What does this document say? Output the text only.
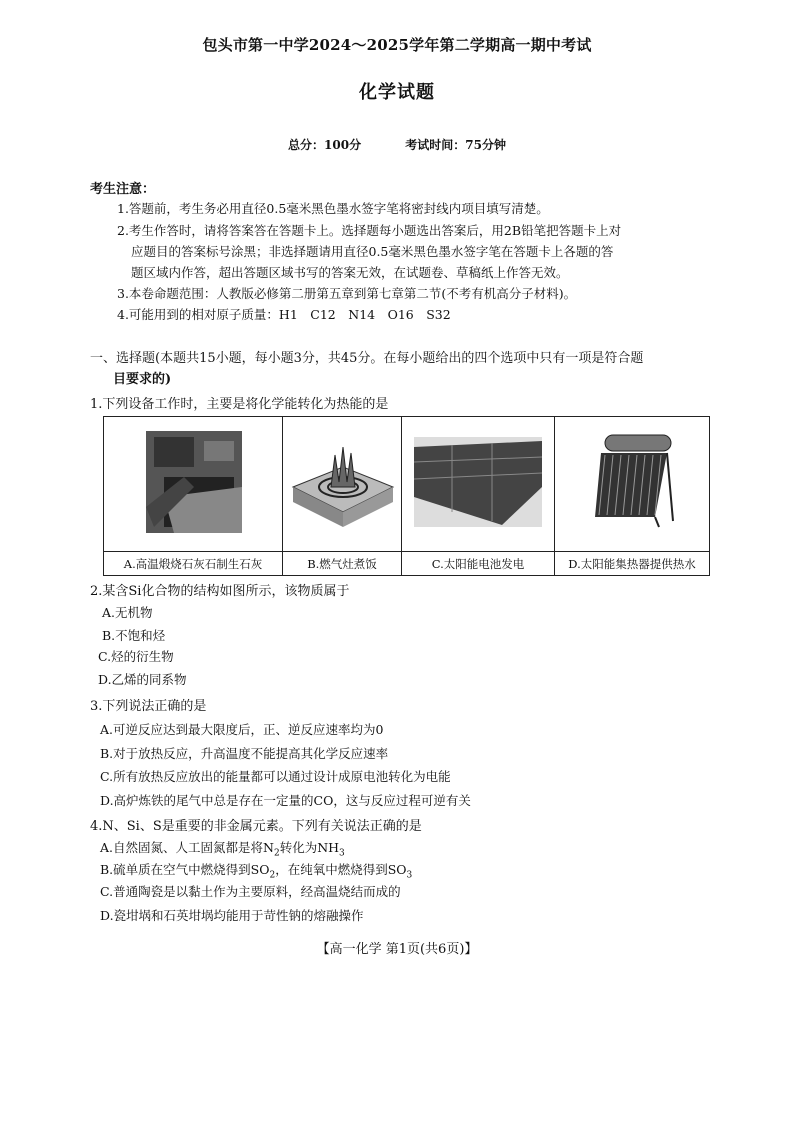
包头市第一中学2024～2025学年第二学期高一期中考试
化学试题
总分：100分	考试时间：75分钟
考生注意：
1.答题前，考生务必用直径0.5毫米黑色墨水签字笔将密封线内项目填写清楚。
2.考生作答时，请将答案答在答题卡上。选择题每小题选出答案后，用2B铅笔把答题卡上对
应题目的答案标号涂黑；非选择题请用直径0.5毫米黑色墨水签字笔在答题卡上各题的答
题区域内作答，超出答题区域书写的答案无效，在试题卷、草稿纸上作答无效。
3.本卷命题范围：人教版必修第二册第五章到第七章第二节(不考有机高分子材料)。
4.可能用到的相对原子质量：H1　C12　N14　O16　S32
一、选择题(本题共15小题，每小题3分，共45分。在每小题给出的四个选项中只有一项是符合题
目要求的)
1.下列设备工作时，主要是将化学能转化为热能的是

A.高温煅烧石灰石制生石灰	B.燃气灶煮饭	C.太阳能电池发电	D.太阳能集热器提供热水
2.某含Si化合物的结构如图所示，该物质属于
A.无机物
B.不饱和烃
C.烃的衍生物
D.乙烯的同系物
3.下列说法正确的是
A.可逆反应达到最大限度后，正、逆反应速率均为0
B.对于放热反应，升高温度不能提高其化学反应速率
C.所有放热反应放出的能量都可以通过设计成原电池转化为电能
D.高炉炼铁的尾气中总是存在一定量的CO，这与反应过程可逆有关
4.N、Si、S是重要的非金属元素。下列有关说法正确的是
A.自然固氮、人工固氮都是将$N_2$转化为$NH_3$
B.硫单质在空气中燃烧得到$SO_2$，在纯氧中燃烧得到$SO_3$
C.普通陶瓷是以黏土作为主要原料，经高温烧结而成的
D.瓷坩埚和石英坩埚均能用于苛性钠的熔融操作
【高一化学 第1页(共6页)】
